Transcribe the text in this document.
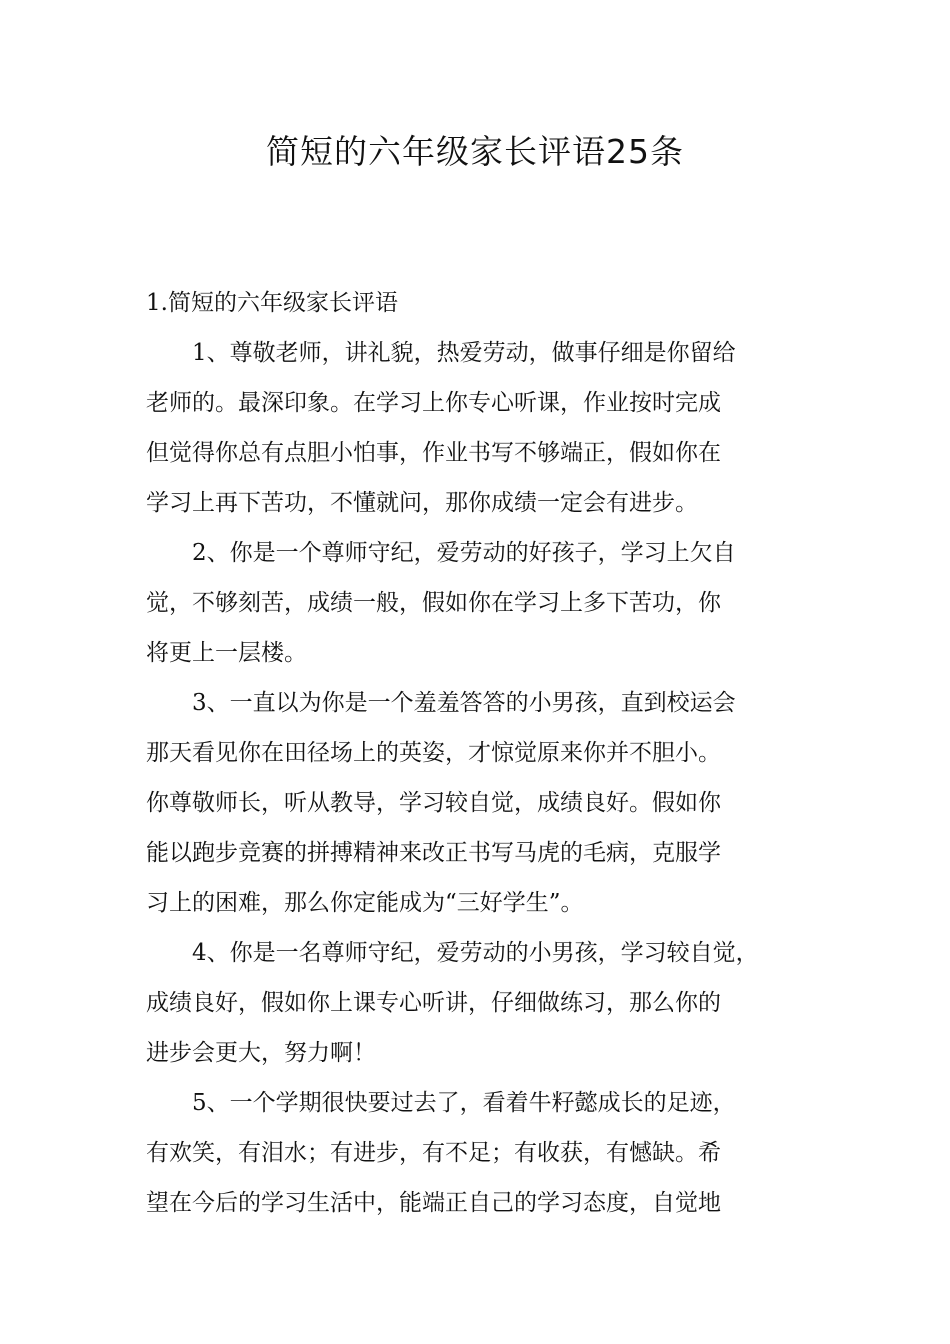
简短的六年级家长评语25条
1.简短的六年级家长评语

1、尊敬老师，讲礼貌，热爱劳动，做事仔细是你留给
老师的。最深印象。在学习上你专心听课，作业按时完成
但觉得你总有点胆小怕事，作业书写不够端正，假如你在
学习上再下苦功，不懂就问，那你成绩一定会有进步。

2、你是一个尊师守纪，爱劳动的好孩子，学习上欠自
觉，不够刻苦，成绩一般，假如你在学习上多下苦功，你
将更上一层楼。

3、一直以为你是一个羞羞答答的小男孩，直到校运会
那天看见你在田径场上的英姿，才惊觉原来你并不胆小。
你尊敬师长，听从教导，学习较自觉，成绩良好。假如你
能以跑步竞赛的拼搏精神来改正书写马虎的毛病，克服学
习上的困难，那么你定能成为“三好学生”。

4、你是一名尊师守纪，爱劳动的小男孩，学习较自觉，
成绩良好，假如你上课专心听讲，仔细做练习，那么你的
进步会更大，努力啊！

5、一个学期很快要过去了，看着牛籽懿成长的足迹，
有欢笑，有泪水；有进步，有不足；有收获，有憾缺。希
望在今后的学习生活中，能端正自己的学习态度，自觉地
